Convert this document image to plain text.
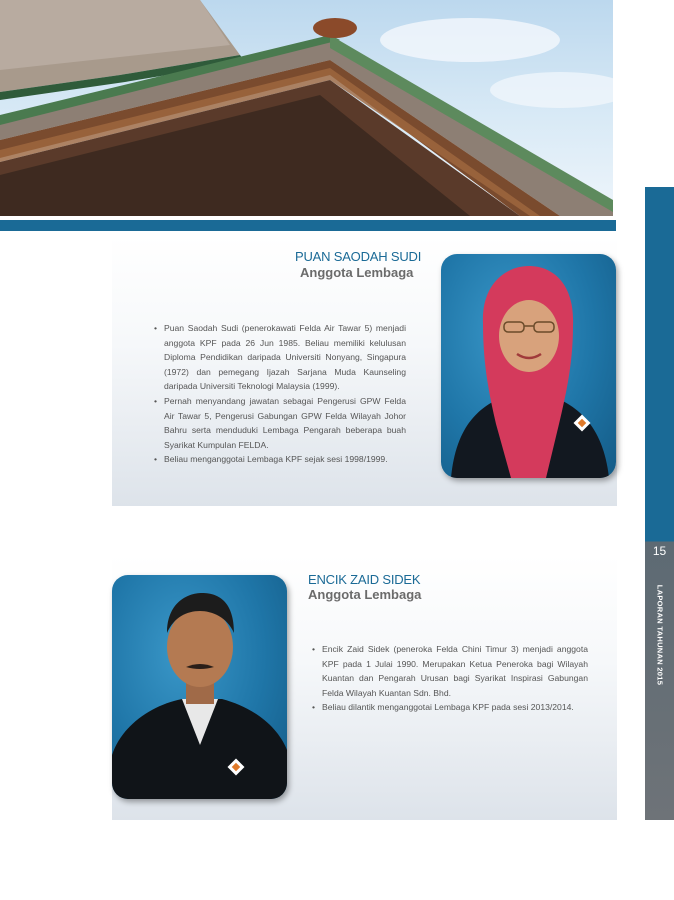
15
LAPORAN TAHUNAN 2015
PUAN SAODAH SUDI
Anggota Lembaga
• Puan Saodah Sudi (penerokawati Felda Air Tawar 5) menjadi anggota KPF pada 26 Jun 1985. Beliau memiliki kelulusan Diploma Pendidikan daripada Universiti Nonyang, Singapura (1972) dan pemegang Ijazah Sarjana Muda Kaunseling daripada Universiti Teknologi Malaysia (1999).
• Pernah menyandang jawatan sebagai Pengerusi GPW Felda Air Tawar 5, Pengerusi Gabungan GPW Felda Wilayah Johor Bahru serta menduduki Lembaga Pengarah beberapa buah Syarikat Kumpulan FELDA.
• Beliau menganggotai Lembaga KPF sejak sesi 1998/1999.
ENCIK ZAID SIDEK
Anggota Lembaga
• Encik Zaid Sidek (peneroka Felda Chini Timur 3) menjadi anggota KPF pada 1 Julai 1990. Merupakan Ketua Peneroka bagi Wilayah Kuantan dan Pengarah Urusan bagi Syarikat Inspirasi Gabungan Felda Wilayah Kuantan Sdn. Bhd.
• Beliau dilantik menganggotai Lembaga KPF pada sesi 2013/2014.
